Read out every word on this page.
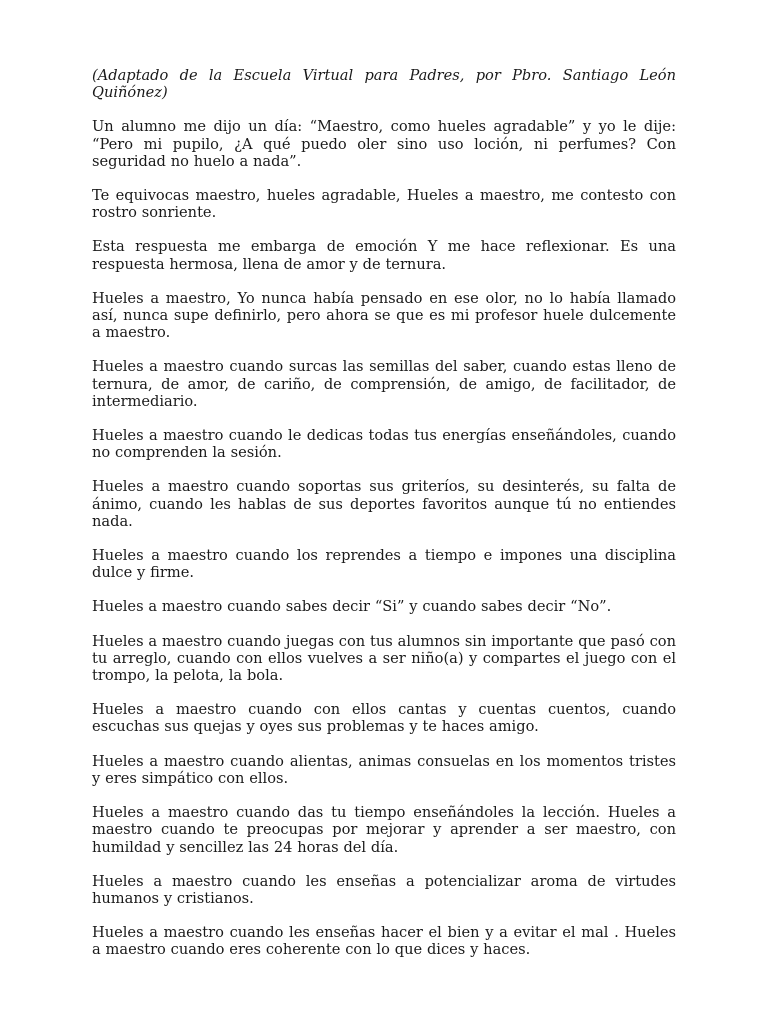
(Adaptado de la Escuela Virtual para Padres, por Pbro. Santiago León Quiñónez)

Un alumno me dijo un día: “Maestro, como hueles agradable” y yo le dije: “Pero mi pupilo, ¿A qué puedo oler sino uso loción, ni perfumes? Con seguridad no huelo a nada”.

Te equivocas maestro, hueles agradable, Hueles a maestro, me contesto con rostro sonriente.

Esta respuesta me embarga de emoción Y me hace reflexionar. Es una respuesta hermosa, llena de amor y de ternura.

Hueles a maestro, Yo nunca había pensado en ese olor, no lo había llamado así, nunca supe definirlo, pero ahora se que es mi profesor huele dulcemente a maestro.

Hueles a maestro cuando surcas las semillas del saber, cuando estas lleno de ternura, de amor, de cariño, de comprensión, de amigo, de facilitador, de intermediario.

Hueles a maestro cuando le dedicas todas tus energías enseñándoles, cuando no comprenden la sesión.

Hueles a maestro cuando soportas sus griteríos, su desinterés, su falta de ánimo, cuando les hablas de sus deportes favoritos aunque tú no entiendes nada.

Hueles a maestro cuando los reprendes a tiempo e impones una disciplina dulce y firme.

Hueles a maestro cuando sabes decir “Si” y cuando sabes decir “No”.

Hueles a maestro cuando juegas con tus alumnos sin importante que pasó con tu arreglo, cuando con ellos vuelves a ser niño(a) y compartes el juego con el trompo, la pelota, la bola.

Hueles a maestro cuando con ellos cantas y cuentas cuentos, cuando escuchas sus quejas y oyes sus problemas y te haces amigo.

Hueles a maestro cuando alientas, animas consuelas en los momentos tristes y eres simpático con ellos.

Hueles a maestro cuando das tu tiempo enseñándoles la lección. Hueles a maestro cuando te preocupas por mejorar y aprender a ser maestro, con humildad y sencillez las 24 horas del día.

Hueles a maestro cuando les enseñas a potencializar aroma de virtudes humanos y cristianos.

Hueles a maestro cuando les enseñas hacer el bien y a evitar el mal . Hueles a maestro cuando eres coherente con lo que dices y haces.
